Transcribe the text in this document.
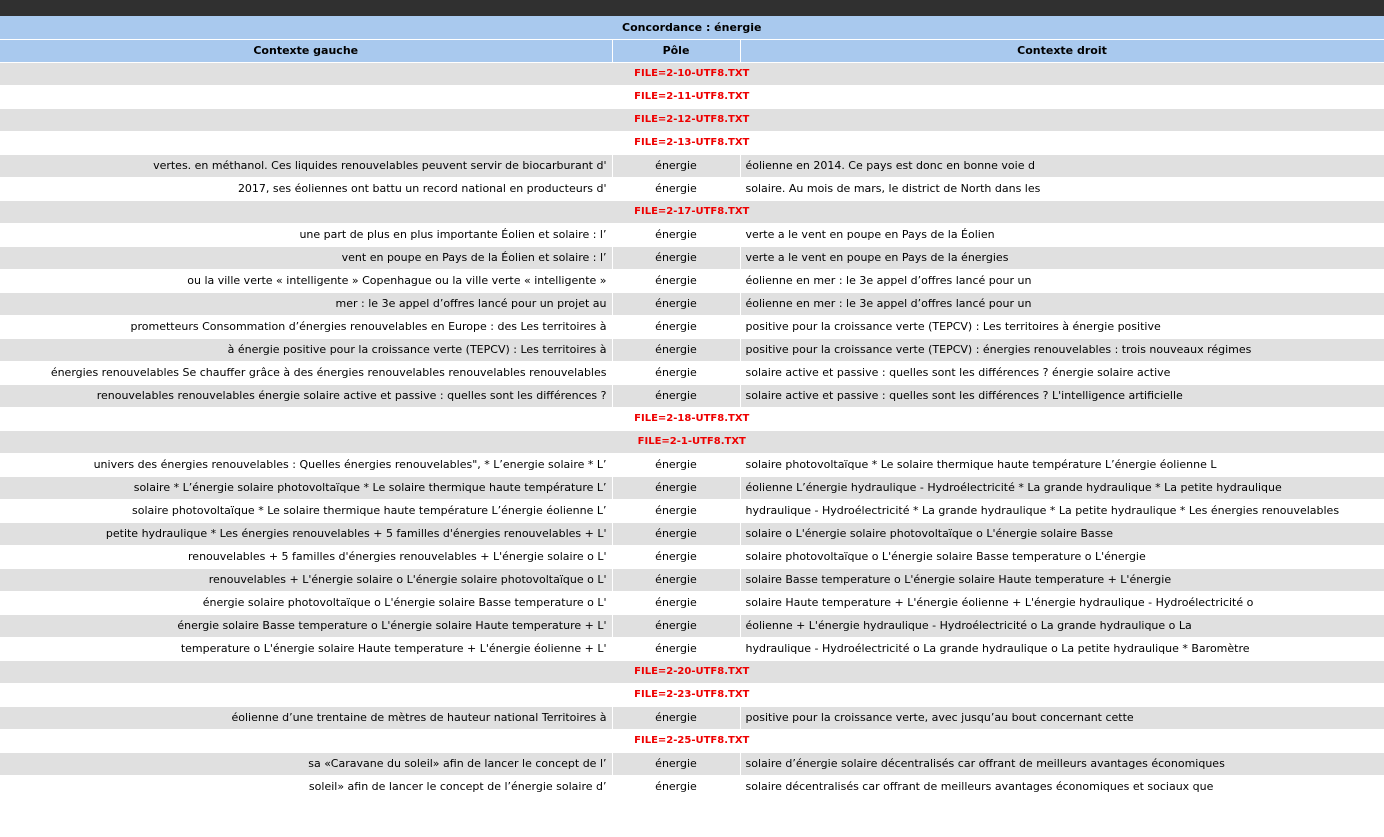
Concordance : énergie		
Contexte gauche	Pôle	Contexte droit
FILE=2-10-UTF8.TXT		
FILE=2-11-UTF8.TXT		
FILE=2-12-UTF8.TXT		
FILE=2-13-UTF8.TXT		
vertes. en méthanol. Ces liquides renouvelables peuvent servir de biocarburant d'	énergie	éolienne en 2014. Ce pays est donc en bonne voie d
2017, ses éoliennes ont battu un record national en producteurs d'	énergie	solaire. Au mois de mars, le district de North dans les
FILE=2-17-UTF8.TXT		
une part de plus en plus importante Éolien et solaire : l’	énergie	verte a le vent en poupe en Pays de la Éolien
vent en poupe en Pays de la Éolien et solaire : l’	énergie	verte a le vent en poupe en Pays de la énergies
ou la ville verte « intelligente » Copenhague ou la ville verte « intelligente »	énergie	éolienne en mer : le 3e appel d’offres lancé pour un
mer : le 3e appel d’offres lancé pour un projet au	énergie	éolienne en mer : le 3e appel d’offres lancé pour un
prometteurs Consommation d’énergies renouvelables en Europe : des Les territoires à	énergie	positive pour la croissance verte (TEPCV) : Les territoires à énergie positive
à énergie positive pour la croissance verte (TEPCV) : Les territoires à	énergie	positive pour la croissance verte (TEPCV) : énergies renouvelables : trois nouveaux régimes
énergies renouvelables Se chauffer grâce à des énergies renouvelables renouvelables renouvelables	énergie	solaire active et passive : quelles sont les différences ? énergie solaire active
renouvelables renouvelables énergie solaire active et passive : quelles sont les différences ?	énergie	solaire active et passive : quelles sont les différences ? L'intelligence artificielle
FILE=2-18-UTF8.TXT		
FILE=2-1-UTF8.TXT		
univers des énergies renouvelables : Quelles énergies renouvelables", * L’energie solaire * L’	énergie	solaire photovoltaïque * Le solaire thermique haute température L’énergie éolienne L
solaire * L’énergie solaire photovoltaïque * Le solaire thermique haute température L’	énergie	éolienne L’énergie hydraulique - Hydroélectricité * La grande hydraulique * La petite hydraulique
solaire photovoltaïque * Le solaire thermique haute température L’énergie éolienne L’	énergie	hydraulique - Hydroélectricité * La grande hydraulique * La petite hydraulique * Les énergies renouvelables
petite hydraulique * Les énergies renouvelables + 5 familles d'énergies renouvelables + L'	énergie	solaire o L'énergie solaire photovoltaïque o L'énergie solaire Basse
renouvelables + 5 familles d'énergies renouvelables + L'énergie solaire o L'	énergie	solaire photovoltaïque o L'énergie solaire Basse temperature o L'énergie
renouvelables + L'énergie solaire o L'énergie solaire photovoltaïque o L'	énergie	solaire Basse temperature o L'énergie solaire Haute temperature + L'énergie
énergie solaire photovoltaïque o L'énergie solaire Basse temperature o L'	énergie	solaire Haute temperature + L'énergie éolienne + L'énergie hydraulique - Hydroélectricité o
énergie solaire Basse temperature o L'énergie solaire Haute temperature + L'	énergie	éolienne + L'énergie hydraulique - Hydroélectricité o La grande hydraulique o La
temperature o L'énergie solaire Haute temperature + L'énergie éolienne + L'	énergie	hydraulique - Hydroélectricité o La grande hydraulique o La petite hydraulique * Baromètre
FILE=2-20-UTF8.TXT		
FILE=2-23-UTF8.TXT		
éolienne d’une trentaine de mètres de hauteur national Territoires à	énergie	positive pour la croissance verte, avec jusqu’au bout concernant cette
FILE=2-25-UTF8.TXT		
sa «Caravane du soleil» afin de lancer le concept de l’	énergie	solaire d’énergie solaire décentralisés car offrant de meilleurs avantages économiques
soleil» afin de lancer le concept de l’énergie solaire d’	énergie	solaire décentralisés car offrant de meilleurs avantages économiques et sociaux que
